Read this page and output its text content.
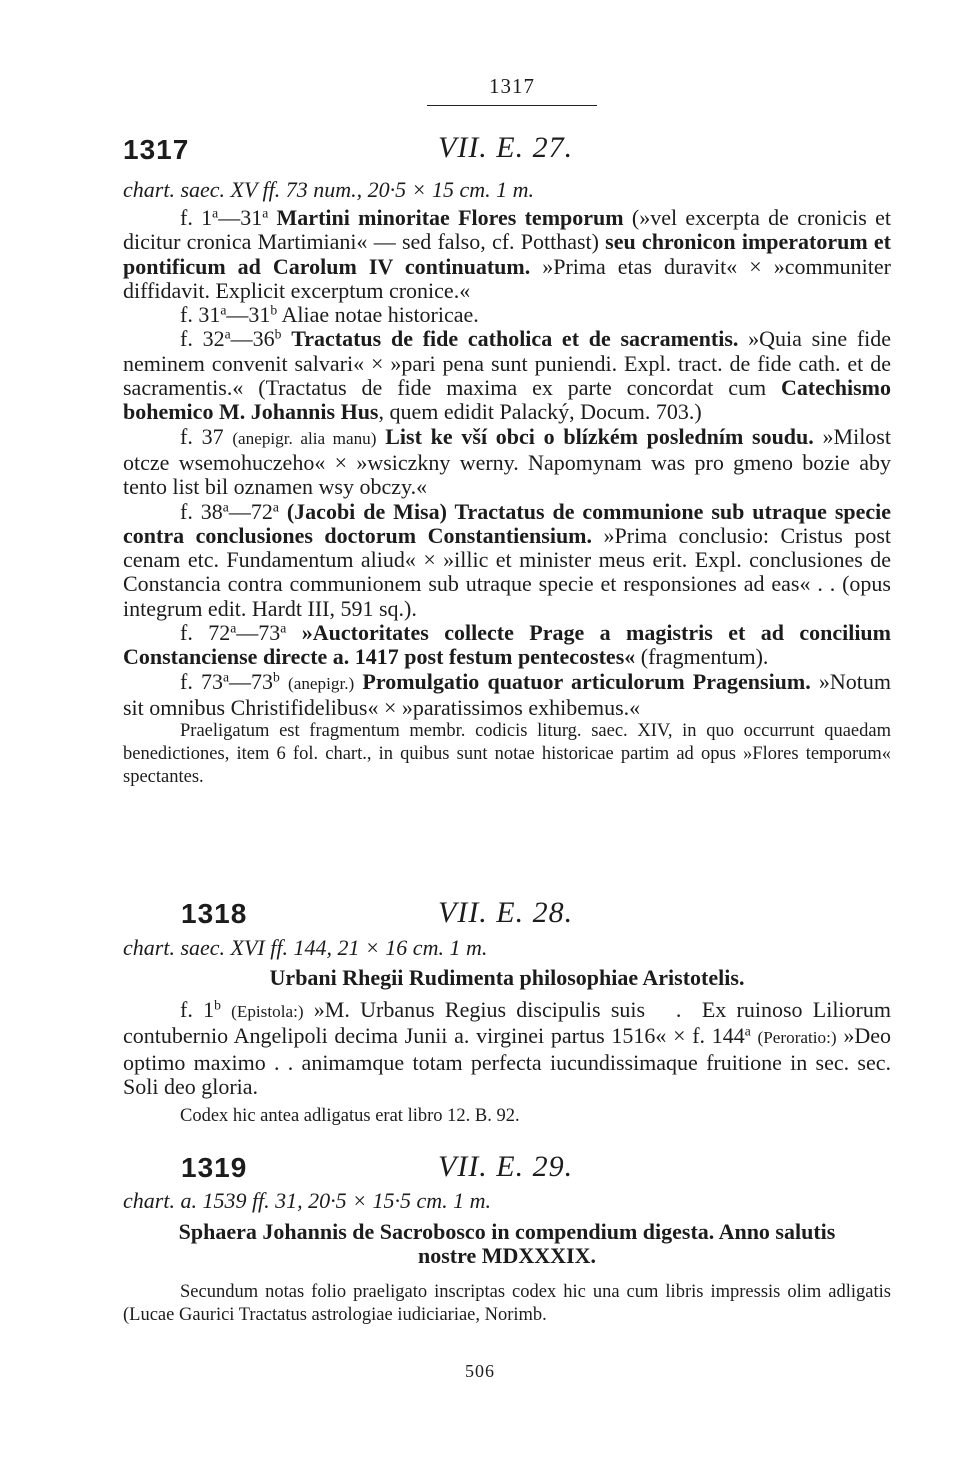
1317
1317	VII. E. 27.
chart. saec. XV ff. 73 num., 20·5 × 15 cm. 1 m.

f. 1$^a$—31$^a$ Martini minoritae Flores temporum (»vel excerpta de cronicis et dicitur cronica Martimiani« — sed falso, cf. Potthast) seu chronicon imperatorum et pontificum ad Carolum IV continuatum. »Prima etas duravit« × »communiter diffidavit. Explicit excerptum cronice.«

f. 31$^a$—31$^b$ Aliae notae historicae.

f. 32$^a$—36$^b$ Tractatus de fide catholica et de sacramentis. »Quia sine fide neminem convenit salvari« × »pari pena sunt puniendi. Expl. tract. de fide cath. et de sacramentis.« (Tractatus de fide maxima ex parte concordat cum Catechismo bohemico M. Johannis Hus, quem edidit Palacký, Docum. 703.)

f. 37 (anepigr. alia manu) List ke vší obci o blízkém posledním soudu. »Milost otcze wsemohuczeho« × »wsiczkny werny. Napomynam was pro gmeno bozie aby tento list bil oznamen wsy obczy.«

f. 38$^a$—72$^a$ (Jacobi de Misa) Tractatus de communione sub utraque specie contra conclusiones doctorum Constantiensium. »Prima conclusio: Cristus post cenam etc. Fundamentum aliud« × »illic et minister meus erit. Expl. conclusiones de Constancia contra communionem sub utraque specie et responsiones ad eas« . . (opus integrum edit. Hardt III, 591 sq.).

f. 72$^a$—73$^a$ »Auctoritates collecte Prage a magistris et ad concilium Constanciense directe a. 1417 post festum pentecostes« (fragmentum).

f. 73$^a$—73$^b$ (anepigr.) Promulgatio quatuor articulorum Pragensium. »Notum sit omnibus Christifidelibus« × »paratissimos exhibemus.«

Praeligatum est fragmentum membr. codicis liturg. saec. XIV, in quo occurrunt quaedam benedictiones, item 6 fol. chart., in quibus sunt notae historicae partim ad opus »Flores temporum« spectantes.

1318	VII. E. 28.
chart. saec. XVI ff. 144, 21 × 16 cm. 1 m.

Urbani Rhegii Rudimenta philosophiae Aristotelis.

f. 1$^b$ (Epistola:) »M. Urbanus Regius discipulis suis   .  Ex ruinoso Liliorum contubernio Angelipoli decima Junii a. virginei partus 1516« × f. 144$^a$ (Peroratio:) »Deo optimo maximo . . animamque totam perfecta iucundissimaque fruitione in sec. sec. Soli deo gloria.

Codex hic antea adligatus erat libro 12. B. 92.

1319	VII. E. 29.
chart. a. 1539 ff. 31, 20·5 × 15·5 cm. 1 m.

Sphaera Johannis de Sacrobosco in compendium digesta. Anno salutis

nostre MDXXXIX.

Secundum notas folio praeligato inscriptas codex hic una cum libris impressis olim adligatis (Lucae Gaurici Tractatus astrologiae iudiciariae, Norimb.

506
